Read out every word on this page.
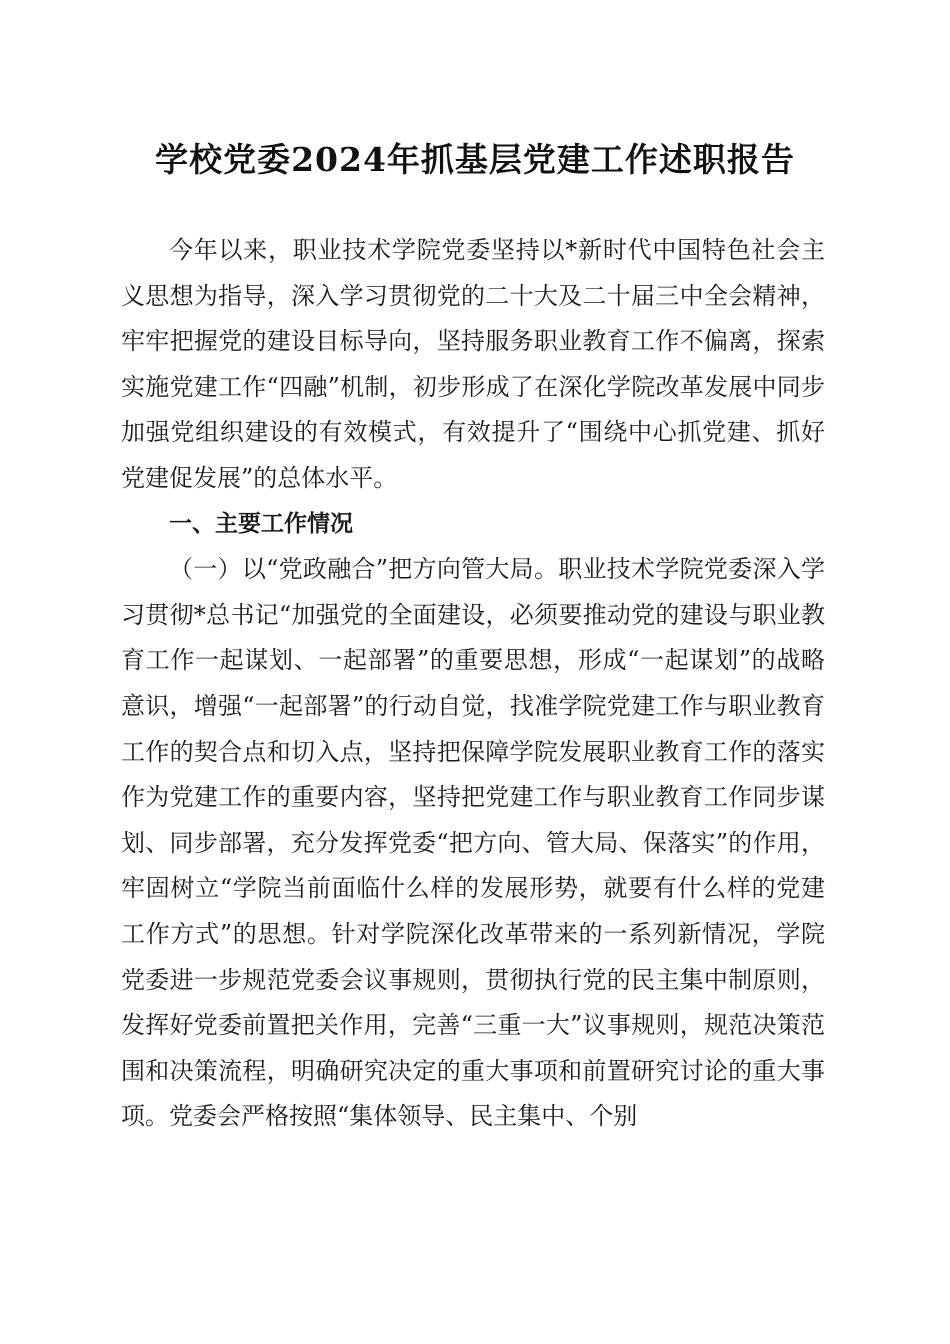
学校党委2024年抓基层党建工作述职报告

今年以来，职业技术学院党委坚持以*新时代中国特色社会主义思想为指导，深入学习贯彻党的二十大及二十届三中全会精神，牢牢把握党的建设目标导向，坚持服务职业教育工作不偏离，探索实施党建工作“四融”机制，初步形成了在深化学院改革发展中同步加强党组织建设的有效模式，有效提升了“围绕中心抓党建、抓好党建促发展”的总体水平。

一、主要工作情况

（一）以“党政融合”把方向管大局。职业技术学院党委深入学习贯彻*总书记“加强党的全面建设，必须要推动党的建设与职业教育工作一起谋划、一起部署”的重要思想，形成“一起谋划”的战略意识，增强“一起部署”的行动自觉，找准学院党建工作与职业教育工作的契合点和切入点，坚持把保障学院发展职业教育工作的落实作为党建工作的重要内容，坚持把党建工作与职业教育工作同步谋划、同步部署，充分发挥党委“把方向、管大局、保落实”的作用，牢固树立“学院当前面临什么样的发展形势，就要有什么样的党建工作方式”的思想。针对学院深化改革带来的一系列新情况，学院党委进一步规范党委会议事规则，贯彻执行党的民主集中制原则，发挥好党委前置把关作用，完善“三重一大”议事规则，规范决策范围和决策流程，明确研究决定的重大事项和前置研究讨论的重大事项。党委会严格按照“集体领导、民主集中、个别
